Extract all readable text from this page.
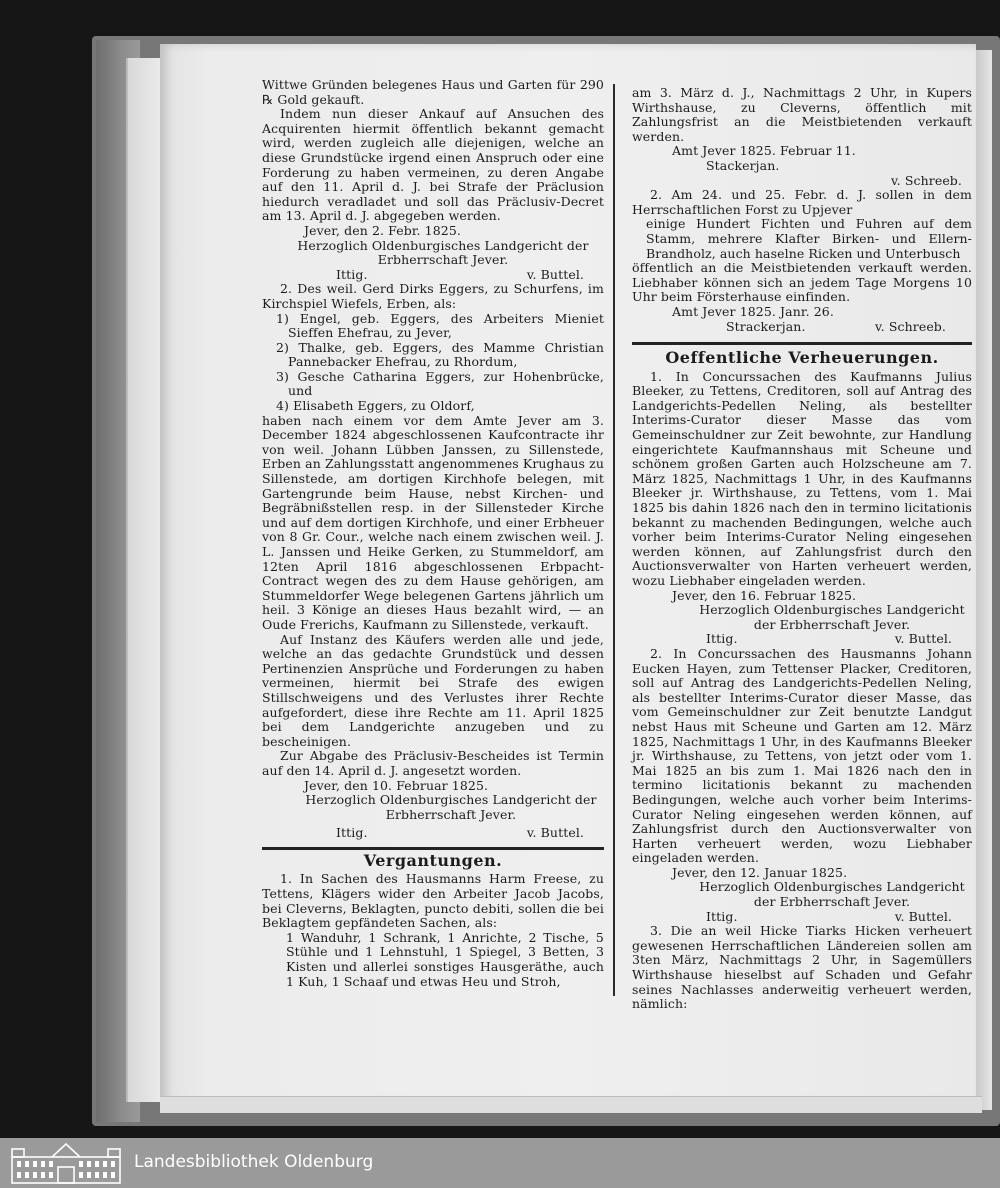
Wittwe Gründen belegenes Haus und Garten für 290 ℞ Gold gekauft.

Indem nun dieser Ankauf auf Ansuchen des Acquirenten hiermit öffentlich bekannt gemacht wird, werden zugleich alle diejenigen, welche an diese Grundstücke irgend einen Anspruch oder eine Forderung zu haben vermeinen, zu deren Angabe auf den 11. April d. J. bei Strafe der Präclusion hiedurch veradladet und soll das Präclusiv-Decret am 13. April d. J. abgegeben werden.

Jever, den 2. Febr. 1825.

Herzoglich Oldenburgisches Landgericht der Erbherrschaft Jever.

Ittig.	v. Buttel.

2. Des weil. Gerd Dirks Eggers, zu Schurfens, im Kirchspiel Wiefels, Erben, als:

1) Engel, geb. Eggers, des Arbeiters Mieniet Sieffen Ehefrau, zu Jever,

2) Thalke, geb. Eggers, des Mamme Christian Pannebacker Ehefrau, zu Rhordum,

3) Gesche Catharina Eggers, zur Hohenbrücke, und

4) Elisabeth Eggers, zu Oldorf,

haben nach einem vor dem Amte Jever am 3. December 1824 abgeschlossenen Kaufcontracte ihr von weil. Johann Lübben Janssen, zu Sillenstede, Erben an Zahlungsstatt angenommenes Krughaus zu Sillenstede, am dortigen Kirchhofe belegen, mit Gartengrunde beim Hause, nebst Kirchen- und Begräbnißstellen resp. in der Sillensteder Kirche und auf dem dortigen Kirchhofe, und einer Erbheuer von 8 Gr. Cour., welche nach einem zwischen weil. J. L. Janssen und Heike Gerken, zu Stummeldorf, am 12ten April 1816 abgeschlossenen Erbpacht-Contract wegen des zu dem Hause gehörigen, am Stummeldorfer Wege belegenen Gartens jährlich um heil. 3 Könige an dieses Haus bezahlt wird, — an Oude Frerichs, Kaufmann zu Sillenstede, verkauft.

Auf Instanz des Käufers werden alle und jede, welche an das gedachte Grundstück und dessen Pertinenzien Ansprüche und Forderungen zu haben vermeinen, hiermit bei Strafe des ewigen Stillschweigens und des Verlustes ihrer Rechte aufgefordert, diese ihre Rechte am 11. April 1825 bei dem Landgerichte anzugeben und zu bescheinigen.

Zur Abgabe des Präclusiv-Bescheides ist Termin auf den 14. April d. J. angesetzt worden.

Jever, den 10. Februar 1825.

Herzoglich Oldenburgisches Landgericht der Erbherrschaft Jever.

Ittig.	v. Buttel.

Vergantungen.

1. In Sachen des Hausmanns Harm Freese, zu Tettens, Klägers wider den Arbeiter Jacob Jacobs, bei Cleverns, Beklagten, puncto debiti, sollen die bei Beklagtem gepfändeten Sachen, als:

1 Wanduhr, 1 Schrank, 1 Anrichte, 2 Tische, 5 Stühle und 1 Lehnstuhl, 1 Spiegel, 3 Betten, 3 Kisten und allerlei sonstiges Hausgeräthe, auch 1 Kuh, 1 Schaaf und etwas Heu und Stroh,

am 3. März d. J., Nachmittags 2 Uhr, in Kupers Wirthshause, zu Cleverns, öffentlich mit Zahlungsfrist an die Meistbietenden verkauft werden.

Amt Jever 1825. Februar 11.

Stackerjan.

v. Schreeb.

2. Am 24. und 25. Febr. d. J. sollen in dem Herrschaftlichen Forst zu Upjever

einige Hundert Fichten und Fuhren auf dem Stamm, mehrere Klafter Birken- und Ellern-Brandholz, auch haselne Ricken und Unterbusch

öffentlich an die Meistbietenden verkauft werden. Liebhaber können sich an jedem Tage Morgens 10 Uhr beim Försterhause einfinden.

Amt Jever 1825. Janr. 26.

Strackerjan.	v. Schreeb.

Oeffentliche Verheuerungen.

1. In Concurssachen des Kaufmanns Julius Bleeker, zu Tettens, Creditoren, soll auf Antrag des Landgerichts-Pedellen Neling, als bestellter Interims-Curator dieser Masse das vom Gemeinschuldner zur Zeit bewohnte, zur Handlung eingerichtete Kaufmannshaus mit Scheune und schönem großen Garten auch Holzscheune am 7. März 1825, Nachmittags 1 Uhr, in des Kaufmanns Bleeker jr. Wirthshause, zu Tettens, vom 1. Mai 1825 bis dahin 1826 nach den in termino licitationis bekannt zu machenden Bedingungen, welche auch vorher beim Interims-Curator Neling eingesehen werden können, auf Zahlungsfrist durch den Auctionsverwalter von Harten verheuert werden, wozu Liebhaber eingeladen werden.

Jever, den 16. Februar 1825.

Herzoglich Oldenburgisches Landgericht der Erbherrschaft Jever.

Ittig.	v. Buttel.

2. In Concurssachen des Hausmanns Johann Eucken Hayen, zum Tettenser Placker, Creditoren, soll auf Antrag des Landgerichts-Pedellen Neling, als bestellter Interims-Curator dieser Masse, das vom Gemeinschuldner zur Zeit benutzte Landgut nebst Haus mit Scheune und Garten am 12. März 1825, Nachmittags 1 Uhr, in des Kaufmanns Bleeker jr. Wirthshause, zu Tettens, von jetzt oder vom 1. Mai 1825 an bis zum 1. Mai 1826 nach den in termino licitationis bekannt zu machenden Bedingungen, welche auch vorher beim Interims-Curator Neling eingesehen werden können, auf Zahlungsfrist durch den Auctionsverwalter von Harten verheuert werden, wozu Liebhaber eingeladen werden.

Jever, den 12. Januar 1825.

Herzoglich Oldenburgisches Landgericht der Erbherrschaft Jever.

Ittig.	v. Buttel.

3. Die an weil Hicke Tiarks Hicken verheuert gewesenen Herrschaftlichen Ländereien sollen am 3ten März, Nachmittags 2 Uhr, in Sagemüllers Wirthshause hieselbst auf Schaden und Gefahr seines Nachlasses anderweitig verheuert werden, nämlich:

Landesbibliothek Oldenburg
